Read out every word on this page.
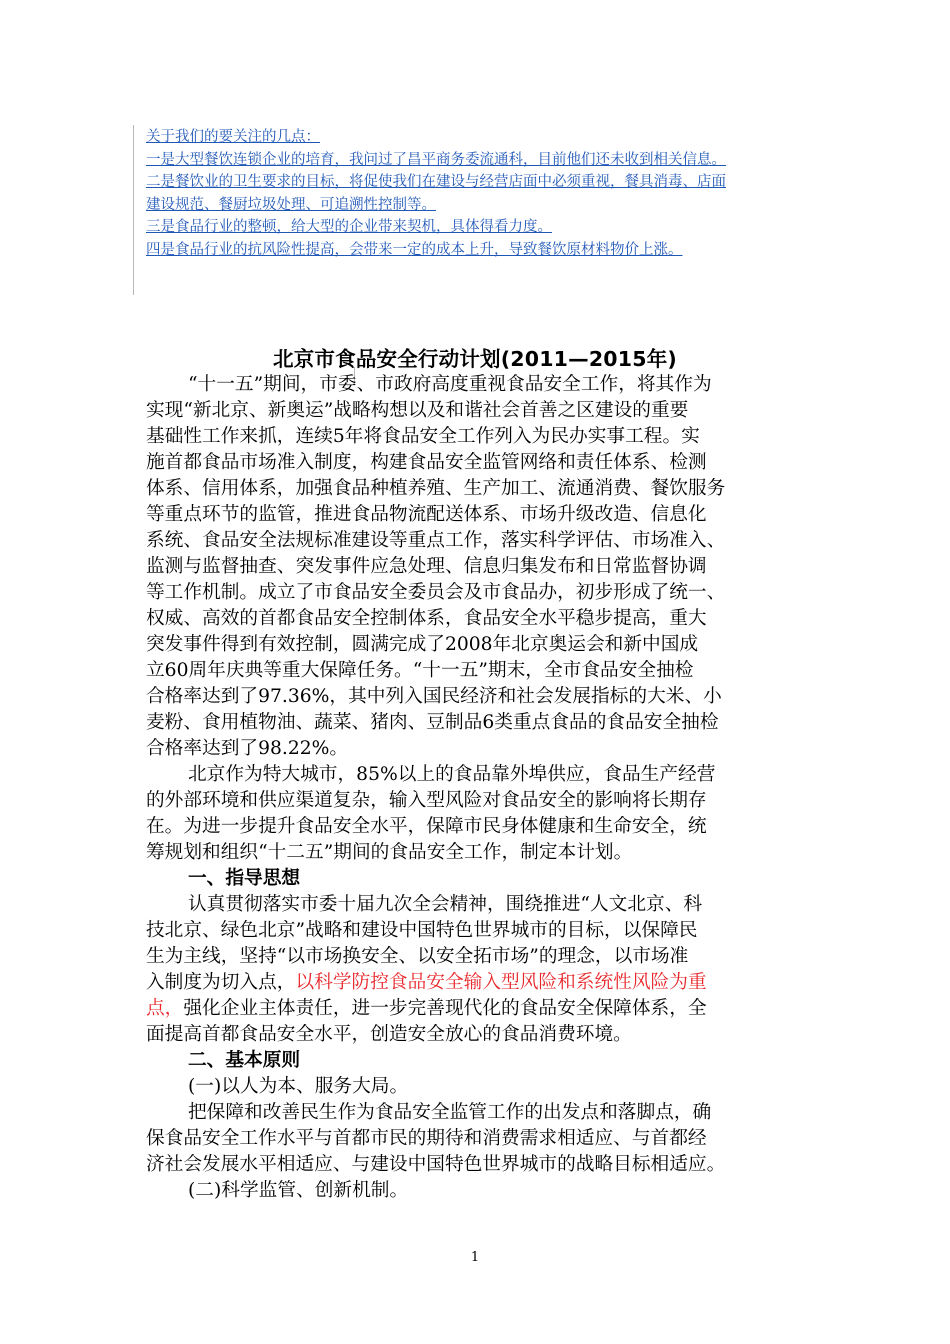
关于我们的要关注的几点：
一是大型餐饮连锁企业的培育，我问过了昌平商务委流通科，目前他们还未收到相关信息。
二是餐饮业的卫生要求的目标，将促使我们在建设与经营店面中必须重视，餐具消毒、店面
建设规范、餐厨垃圾处理、可追溯性控制等。
三是食品行业的整顿，给大型的企业带来契机，具体得看力度。
四是食品行业的抗风险性提高，会带来一定的成本上升，导致餐饮原材料物价上涨。
北京市食品安全行动计划(2011—2015年)
“十一五”期间，市委、市政府高度重视食品安全工作，将其作为
实现“新北京、新奥运”战略构想以及和谐社会首善之区建设的重要
基础性工作来抓，连续5年将食品安全工作列入为民办实事工程。实
施首都食品市场准入制度，构建食品安全监管网络和责任体系、检测
体系、信用体系，加强食品种植养殖、生产加工、流通消费、餐饮服务
等重点环节的监管，推进食品物流配送体系、市场升级改造、信息化
系统、食品安全法规标准建设等重点工作，落实科学评估、市场准入、
监测与监督抽查、突发事件应急处理、信息归集发布和日常监督协调
等工作机制。成立了市食品安全委员会及市食品办，初步形成了统一、
权威、高效的首都食品安全控制体系，食品安全水平稳步提高，重大
突发事件得到有效控制，圆满完成了2008年北京奥运会和新中国成
立60周年庆典等重大保障任务。“十一五”期末，全市食品安全抽检
合格率达到了97.36%，其中列入国民经济和社会发展指标的大米、小
麦粉、食用植物油、蔬菜、猪肉、豆制品6类重点食品的食品安全抽检
合格率达到了98.22%。
北京作为特大城市，85%以上的食品靠外埠供应，食品生产经营
的外部环境和供应渠道复杂，输入型风险对食品安全的影响将长期存
在。为进一步提升食品安全水平，保障市民身体健康和生命安全，统
筹规划和组织“十二五”期间的食品安全工作，制定本计划。
一、指导思想
认真贯彻落实市委十届九次全会精神，围绕推进“人文北京、科
技北京、绿色北京”战略和建设中国特色世界城市的目标，以保障民
生为主线，坚持“以市场换安全、以安全拓市场”的理念，以市场准
入制度为切入点，以科学防控食品安全输入型风险和系统性风险为重
点，强化企业主体责任，进一步完善现代化的食品安全保障体系，全
面提高首都食品安全水平，创造安全放心的食品消费环境。
二、基本原则
(一)以人为本、服务大局。
把保障和改善民生作为食品安全监管工作的出发点和落脚点，确
保食品安全工作水平与首都市民的期待和消费需求相适应、与首都经
济社会发展水平相适应、与建设中国特色世界城市的战略目标相适应。
(二)科学监管、创新机制。
1
